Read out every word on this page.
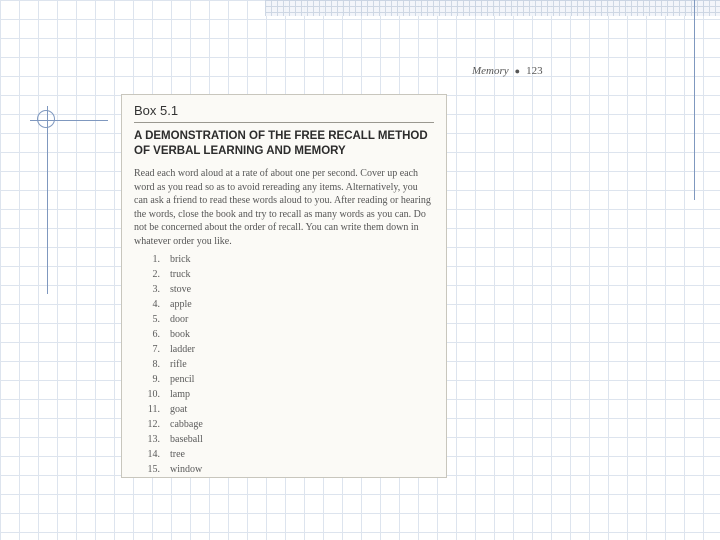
Memory ● 123
Box 5.1
A DEMONSTRATION OF THE FREE RECALL METHOD
OF VERBAL LEARNING AND MEMORY

Read each word aloud at a rate of about one per second. Cover up each word as you read so as to avoid rereading any items. Alternatively, you can ask a friend to read these words aloud to you. After reading or hearing the words, close the book and try to recall as many words as you can. Do not be concerned about the order of recall. You can write them down in whatever order you like.

1. brick
2. truck
3. stove
4. apple
5. door
6. book
7. ladder
8. rifle
9. pencil
10. lamp
11. goat
12. cabbage
13. baseball
14. tree
15. window
